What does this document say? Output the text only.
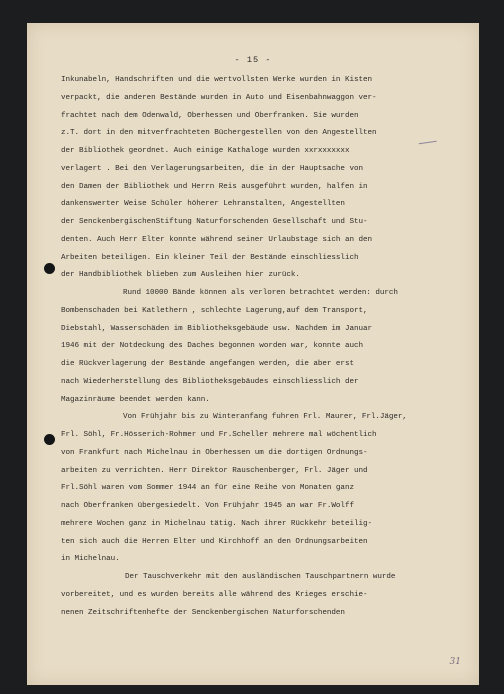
- 15 -
Inkunabeln, Handschriften und die wertvollsten Werke wurden in Kisten
verpackt, die anderen Bestände wurden in Auto und Eisenbahnwaggon ver-
frachtet nach dem Odenwald, Oberhessen und Oberfranken. Sie wurden
z.T. dort in den mitverfrachteten Büchergestellen von den Angestellten
der Bibliothek geordnet. Auch einige Kathaloge wurden xxrxxxxxxx
verlagert . Bei den Verlagerungsarbeiten, die in der Hauptsache von
den Damen der Bibliothek und Herrn Reis ausgeführt wurden, halfen in
dankenswerter Weise Schüler höherer Lehranstalten, Angestellten
der SenckenbergischenStiftung Naturforschenden Gesellschaft und Stu-
denten. Auch Herr Elter konnte während seiner Urlaubstage sich an den
Arbeiten beteiligen. Ein kleiner Teil der Bestände einschliesslich
der Handbibliothek blieben zum Ausleihen hier zurück.
Rund 10000 Bände können als verloren betrachtet werden: durch
Bombenschaden bei Katlethern , schlechte Lagerung,auf dem Transport,
Diebstahl, Wasserschäden im Bibliotheksgebäude usw. Nachdem im Januar
1946 mit der Notdeckung des Daches begonnen worden war, konnte auch
die Rückverlagerung der Bestände angefangen werden, die aber erst
nach Wiederherstellung des Bibliotheksgebäudes einschliesslich der
Magazinräume beendet werden kann.
Von Frühjahr bis zu Winteranfang fuhren Frl. Maurer, Frl.Jäger,
Frl. Söhl, Fr.Hösserich-Rohmer und Fr.Scheller mehrere mal wöchentlich
von Frankfurt nach Michelnau in Oberhessen um die dortigen Ordnungs-
arbeiten zu verrichten. Herr Direktor Rauschenberger, Frl. Jäger und
Frl.Söhl waren vom Sommer 1944 an für eine Reihe von Monaten ganz
nach Oberfranken übergesiedelt. Von Frühjahr 1945 an war Fr.Wolff
mehrere Wochen ganz in Michelnau tätig. Nach ihrer Rückkehr beteilig-
ten sich auch die Herren Elter und Kirchhoff an den Ordnungsarbeiten
in Michelnau.
Der Tauschverkehr mit den ausländischen Tauschpartnern wurde
vorbereitet, und es wurden bereits alle während des Krieges erschie-
nenen Zeitschriftenhefte der Senckenbergischen Naturforschenden
31
